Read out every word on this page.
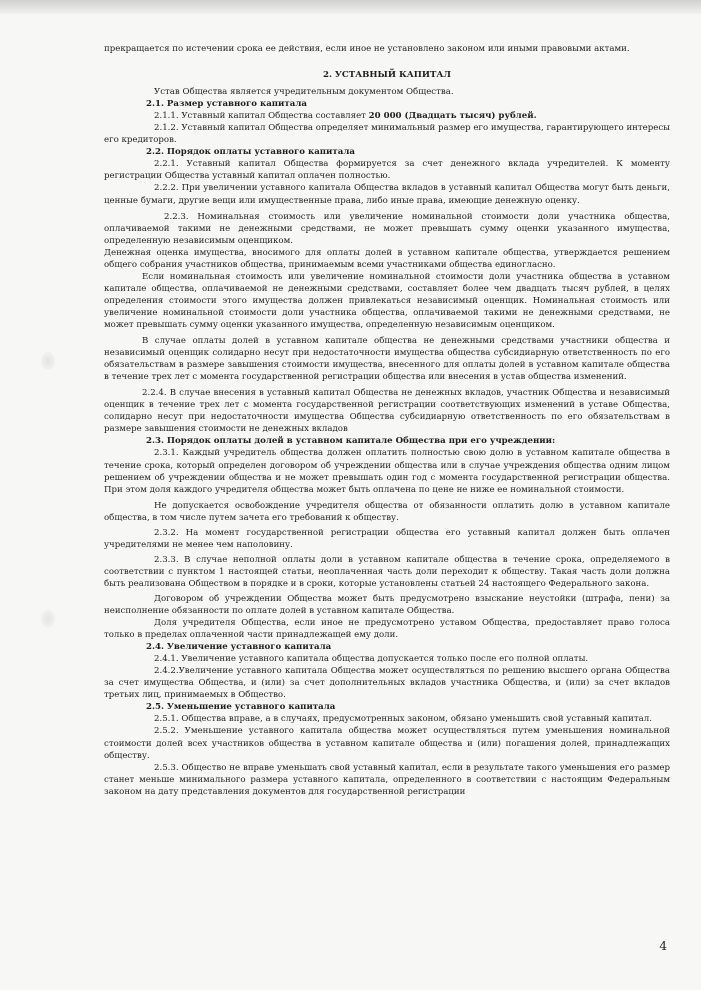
прекращается по истечении срока ее действия, если иное не установлено законом или иными правовыми актами.

2. УСТАВНЫЙ КАПИТАЛ

Устав Общества является учредительным документом Общества.

2.1. Размер уставного капитала

2.1.1. Уставный капитал Общества составляет 20 000 (Двадцать тысяч) рублей.

2.1.2. Уставный капитал Общества определяет минимальный размер его имущества, гарантирующего интересы его кредиторов.

2.2. Порядок оплаты уставного капитала

2.2.1. Уставный капитал Общества формируется за счет денежного вклада учредителей. К моменту регистрации Общества уставный капитал оплачен полностью.

2.2.2. При увеличении уставного капитала Общества вкладов в уставный капитал Общества могут быть деньги, ценные бумаги, другие вещи или имущественные права, либо иные права, имеющие денежную оценку.

2.2.3. Номинальная стоимость или увеличение номинальной стоимости доли участника общества, оплачиваемой такими не денежными средствами, не может превышать сумму оценки указанного имущества, определенную независимым оценщиком.

Денежная оценка имущества, вносимого для оплаты долей в уставном капитале общества, утверждается решением общего собрания участников общества, принимаемым всеми участниками общества единогласно.

Если номинальная стоимость или увеличение номинальной стоимости доли участника общества в уставном капитале общества, оплачиваемой не денежными средствами, составляет более чем двадцать тысяч рублей, в целях определения стоимости этого имущества должен привлекаться независимый оценщик. Номинальная стоимость или увеличение номинальной стоимости доли участника общества, оплачиваемой такими не денежными средствами, не может превышать сумму оценки указанного имущества, определенную независимым оценщиком.

В случае оплаты долей в уставном капитале общества не денежными средствами участники общества и независимый оценщик солидарно несут при недостаточности имущества общества субсидиарную ответственность по его обязательствам в размере завышения стоимости имущества, внесенного для оплаты долей в уставном капитале общества в течение трех лет с момента государственной регистрации общества или внесения в устав общества изменений.

2.2.4. В случае внесения в уставный капитал Общества не денежных вкладов, участник Общества и независимый оценщик в течение трех лет с момента государственной регистрации соответствующих изменений в уставе Общества, солидарно несут при недостаточности имущества Общества субсидиарную ответственность по его обязательствам в размере завышения стоимости не денежных вкладов

2.3. Порядок оплаты долей в уставном капитале Общества при его учреждении:

2.3.1. Каждый учредитель общества должен оплатить полностью свою долю в уставном капитале общества в течение срока, который определен договором об учреждении общества или в случае учреждения общества одним лицом решением об учреждении общества и не может превышать один год с момента государственной регистрации общества. При этом доля каждого учредителя общества может быть оплачена по цене не ниже ее номинальной стоимости.

Не допускается освобождение учредителя общества от обязанности оплатить долю в уставном капитале общества, в том числе путем зачета его требований к обществу.

2.3.2. На момент государственной регистрации общества его уставный капитал должен быть оплачен учредителями не менее чем наполовину.

2.3.3. В случае неполной оплаты доли в уставном капитале общества в течение срока, определяемого в соответствии с пунктом 1 настоящей статьи, неоплаченная часть доли переходит к обществу. Такая часть доли должна быть реализована Обществом в порядке и в сроки, которые установлены статьей 24 настоящего Федерального закона.

Договором об учреждении Общества может быть предусмотрено взыскание неустойки (штрафа, пени) за неисполнение обязанности по оплате долей в уставном капитале Общества.

Доля учредителя Общества, если иное не предусмотрено уставом Общества, предоставляет право голоса только в пределах оплаченной части принадлежащей ему доли.

2.4. Увеличение уставного капитала

2.4.1. Увеличение уставного капитала общества допускается только после его полной оплаты.

2.4.2.Увеличение уставного капитала Общества может осуществляться по решению высшего органа Общества за счет имущества Общества, и (или) за счет дополнительных вкладов участника Общества, и (или) за счет вкладов третьих лиц, принимаемых в Общество.

2.5. Уменьшение уставного капитала

2.5.1. Общества вправе, а в случаях, предусмотренных законом, обязано уменьшить свой уставный капитал.

2.5.2. Уменьшение уставного капитала общества может осуществляться путем уменьшения номинальной стоимости долей всех участников общества в уставном капитале общества и (или) погашения долей, принадлежащих обществу.

2.5.3. Общество не вправе уменьшать свой уставный капитал, если в результате такого уменьшения его размер станет меньше минимального размера уставного капитала, определенного в соответствии с настоящим Федеральным законом на дату представления документов для государственной регистрации

4
